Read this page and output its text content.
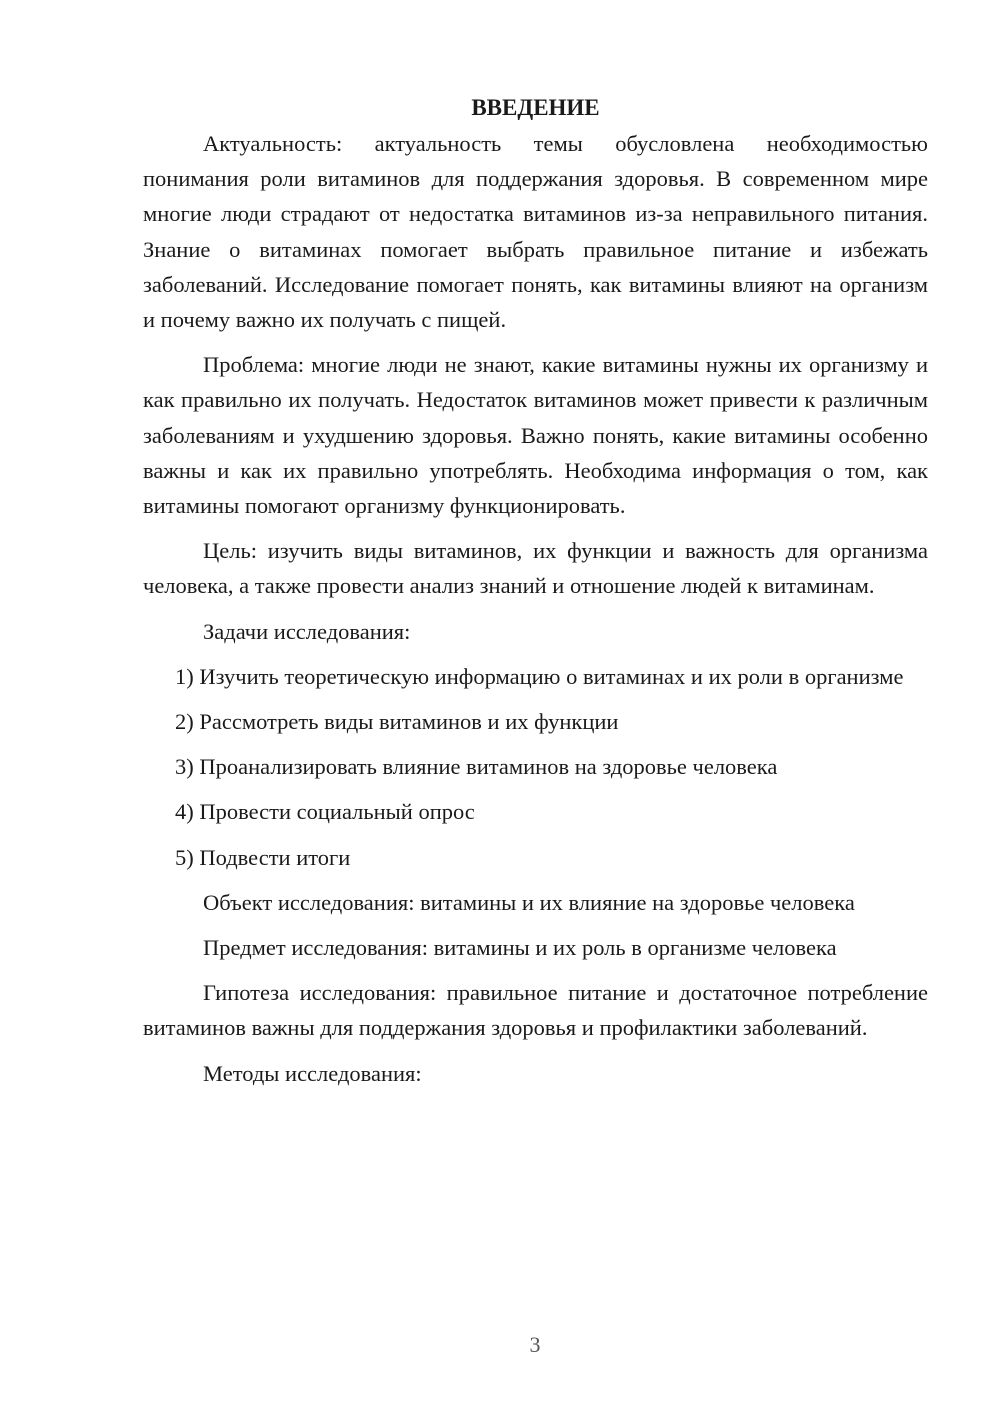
ВВЕДЕНИЕ

Актуальность: актуальность темы обусловлена необходимостью понимания роли витаминов для поддержания здоровья. В современном мире многие люди страдают от недостатка витаминов из-за неправильного питания. Знание о витаминах помогает выбрать правильное питание и избежать заболеваний. Исследование помогает понять, как витамины влияют на организм и почему важно их получать с пищей.

Проблема: многие люди не знают, какие витамины нужны их организму и как правильно их получать. Недостаток витаминов может привести к различным заболеваниям и ухудшению здоровья. Важно понять, какие витамины особенно важны и как их правильно употреблять. Необходима информация о том, как витамины помогают организму функционировать.

Цель: изучить виды витаминов, их функции и важность для организма человека, а также провести анализ знаний и отношение людей к витаминам.

Задачи исследования:

1) Изучить теоретическую информацию о витаминах и их роли в организме

2) Рассмотреть виды витаминов и их функции

3) Проанализировать влияние витаминов на здоровье человека

4) Провести социальный опрос

5) Подвести итоги

Объект исследования: витамины и их влияние на здоровье человека

Предмет исследования: витамины и их роль в организме человека

Гипотеза исследования: правильное питание и достаточное потребление витаминов важны для поддержания здоровья и профилактики заболеваний.

Методы исследования:

3
